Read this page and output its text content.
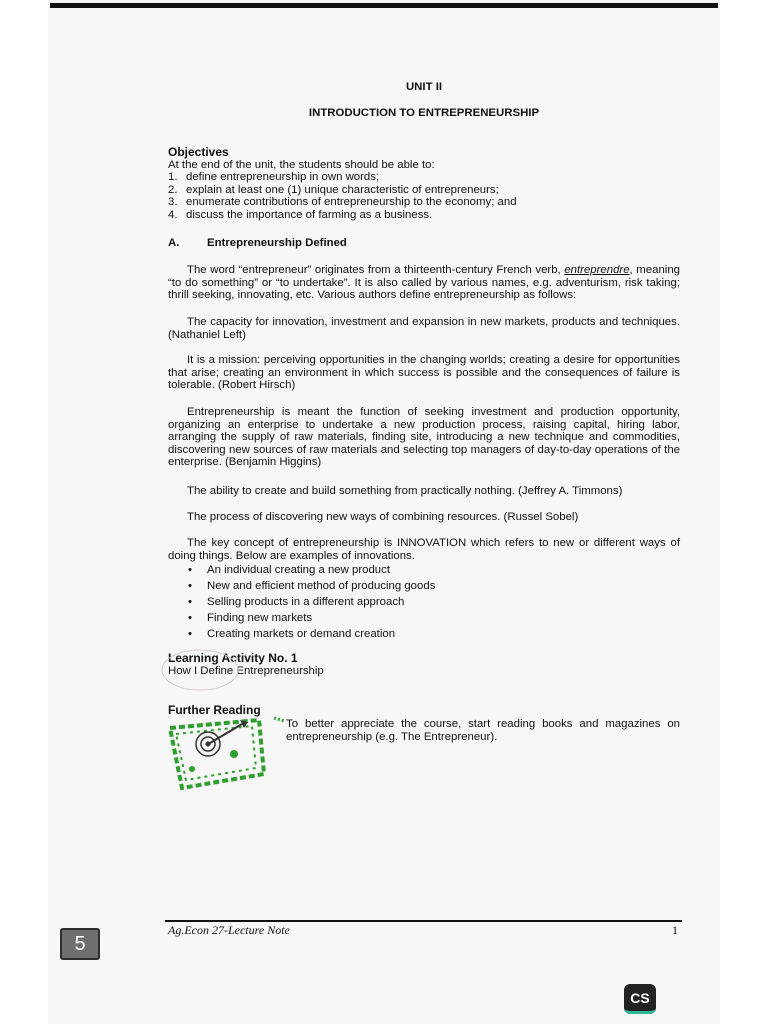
UNIT II
INTRODUCTION TO ENTREPRENEURSHIP
Objectives
At the end of the unit, the students should be able to:
1. define entrepreneurship in own words;
2. explain at least one (1) unique characteristic of entrepreneurs;
3. enumerate contributions of entrepreneurship to the economy; and
4. discuss the importance of farming as a business.
A.	Entrepreneurship Defined
The word “entrepreneur” originates from a thirteenth-century French verb, entreprendre, meaning “to do something” or “to undertake”. It is also called by various names, e.g. adventurism, risk taking; thrill seeking, innovating, etc. Various authors define entrepreneurship as follows:
The capacity for innovation, investment and expansion in new markets, products and techniques. (Nathaniel Left)
It is a mission: perceiving opportunities in the changing worlds; creating a desire for opportunities that arise; creating an environment in which success is possible and the consequences of failure is tolerable. (Robert Hirsch)
Entrepreneurship is meant the function of seeking investment and production opportunity, organizing an enterprise to undertake a new production process, raising capital, hiring labor, arranging the supply of raw materials, finding site, introducing a new technique and commodities, discovering new sources of raw materials and selecting top managers of day-to-day operations of the enterprise. (Benjamin Higgins)
The ability to create and build something from practically nothing. (Jeffrey A. Timmons)
The process of discovering new ways of combining resources. (Russel Sobel)
The key concept of entrepreneurship is INNOVATION which refers to new or different ways of doing things. Below are examples of innovations.
•	An individual creating a new product
•	New and efficient method of producing goods
•	Selling products in a different approach
•	Finding new markets
•	Creating markets or demand creation
Learning Activity No. 1
How I Define Entrepreneurship
Further Reading
To better appreciate the course, start reading books and magazines on entrepreneurship (e.g. The Entrepreneur).
Ag.Econ 27-Lecture Note	1
5
CS
